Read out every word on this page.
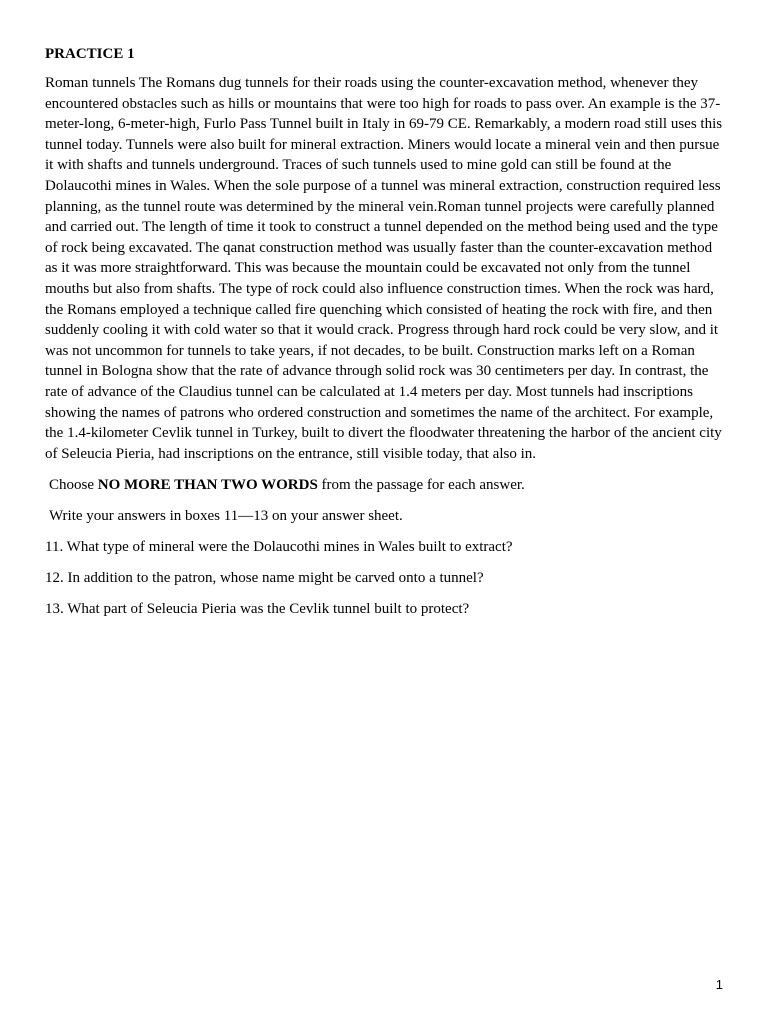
PRACTICE 1

Roman tunnels The Romans dug tunnels for their roads using the counter-excavation method, whenever they encountered obstacles such as hills or mountains that were too high for roads to pass over. An example is the 37-meter-long, 6-meter-high, Furlo Pass Tunnel built in Italy in 69-79 CE. Remarkably, a modern road still uses this tunnel today. Tunnels were also built for mineral extraction. Miners would locate a mineral vein and then pursue it with shafts and tunnels underground. Traces of such tunnels used to mine gold can still be found at the Dolaucothi mines in Wales. When the sole purpose of a tunnel was mineral extraction, construction required less planning, as the tunnel route was determined by the mineral vein.Roman tunnel projects were carefully planned and carried out. The length of time it took to construct a tunnel depended on the method being used and the type of rock being excavated. The qanat construction method was usually faster than the counter-excavation method as it was more straightforward. This was because the mountain could be excavated not only from the tunnel mouths but also from shafts. The type of rock could also influence construction times. When the rock was hard, the Romans employed a technique called fire quenching which consisted of heating the rock with fire, and then suddenly cooling it with cold water so that it would crack. Progress through hard rock could be very slow, and it was not uncommon for tunnels to take years, if not decades, to be built. Construction marks left on a Roman tunnel in Bologna show that the rate of advance through solid rock was 30 centimeters per day. In contrast, the rate of advance of the Claudius tunnel can be calculated at 1.4 meters per day. Most tunnels had inscriptions showing the names of patrons who ordered construction and sometimes the name of the architect. For example, the 1.4-kilometer Cevlik tunnel in Turkey, built to divert the floodwater threatening the harbor of the ancient city of Seleucia Pieria, had inscriptions on the entrance, still visible today, that also in.

Choose NO MORE THAN TWO WORDS from the passage for each answer.

Write your answers in boxes 11—13 on your answer sheet.

11. What type of mineral were the Dolaucothi mines in Wales built to extract?

12. In addition to the patron, whose name might be carved onto a tunnel?

13. What part of Seleucia Pieria was the Cevlik tunnel built to protect?

1
